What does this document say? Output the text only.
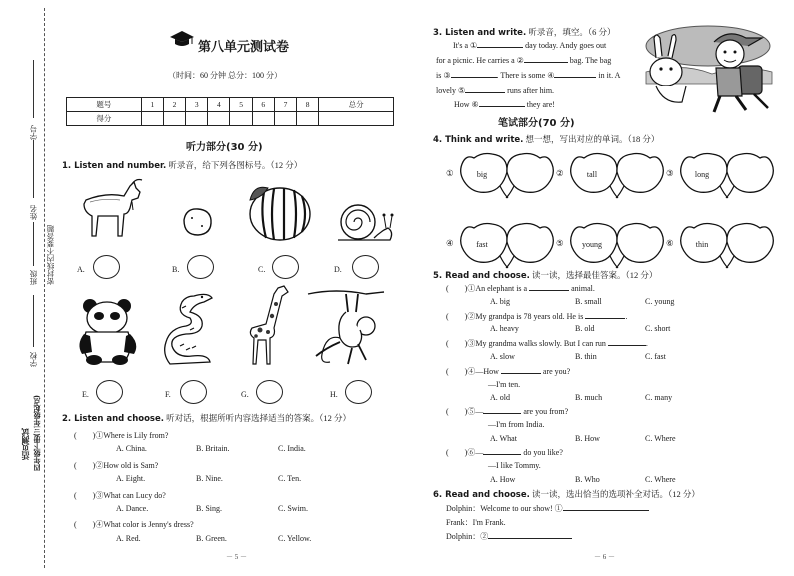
学号
姓名
班级 密封线内不要答题
学校
活页测试 四年级下册(三年级起点)
第八单元测试卷
（时间：60 分钟 总分：100 分）
题号	1	2	3	4	5	6	7	8	总分
得分									
听力部分(30 分)
1. Listen and number. 听录音，给下列各图标号。（12 分）
A.	B.	C.	D.
E.	F.	G.	H.
2. Listen and choose. 听对话，根据所听内容选择适当的答案。（12 分）
(　　)①Where is Lily from?
A. China.	B. Britain.	C. India.
(　　)②How old is Sam?
A. Eight.	B. Nine.	C. Ten.
(　　)③What can Lucy do?
A. Dance.	B. Sing.	C. Swim.
(　　)④What color is Jenny's dress?
A. Red.	B. Green.	C. Yellow.
－ 5 －
3. Listen and write. 听录音，填空。（6 分）
It's a ①	day today. Andy goes out
for a picnic. He carries a ②	bag. The bag
is ③	. There is some ④	in it. A
lovely ⑤	runs after him.
How ⑥	they are!
笔试部分(70 分)
4. Think and write. 想一想，写出对应的单词。（18 分）
①	big	②	tall	③	long
④	fast	⑤	young	⑥	thin
5. Read and choose. 读一读，选择最佳答案。（12 分）
(　　)①An elephant is a	animal.
A. big	B. small	C. young
(　　)②My grandpa is 78 years old. He is	.
A. heavy	B. old	C. short
(　　)③My grandma walks slowly. But I can run	.
A. slow	B. thin	C. fast
(　　)④—How	are you?
—I'm ten.
A. old	B. much	C. many
(　　)⑤—	are you from?
—I'm from India.
A. What	B. How	C. Where
(　　)⑥—	do you like?
—I like Tommy.
A. How	B. Who	C. Where
6. Read and choose. 读一读，选出恰当的选项补全对话。（12 分）
Dolphin：Welcome to our show! ①
Frank：I'm Frank.
Dolphin：②
－ 6 －
